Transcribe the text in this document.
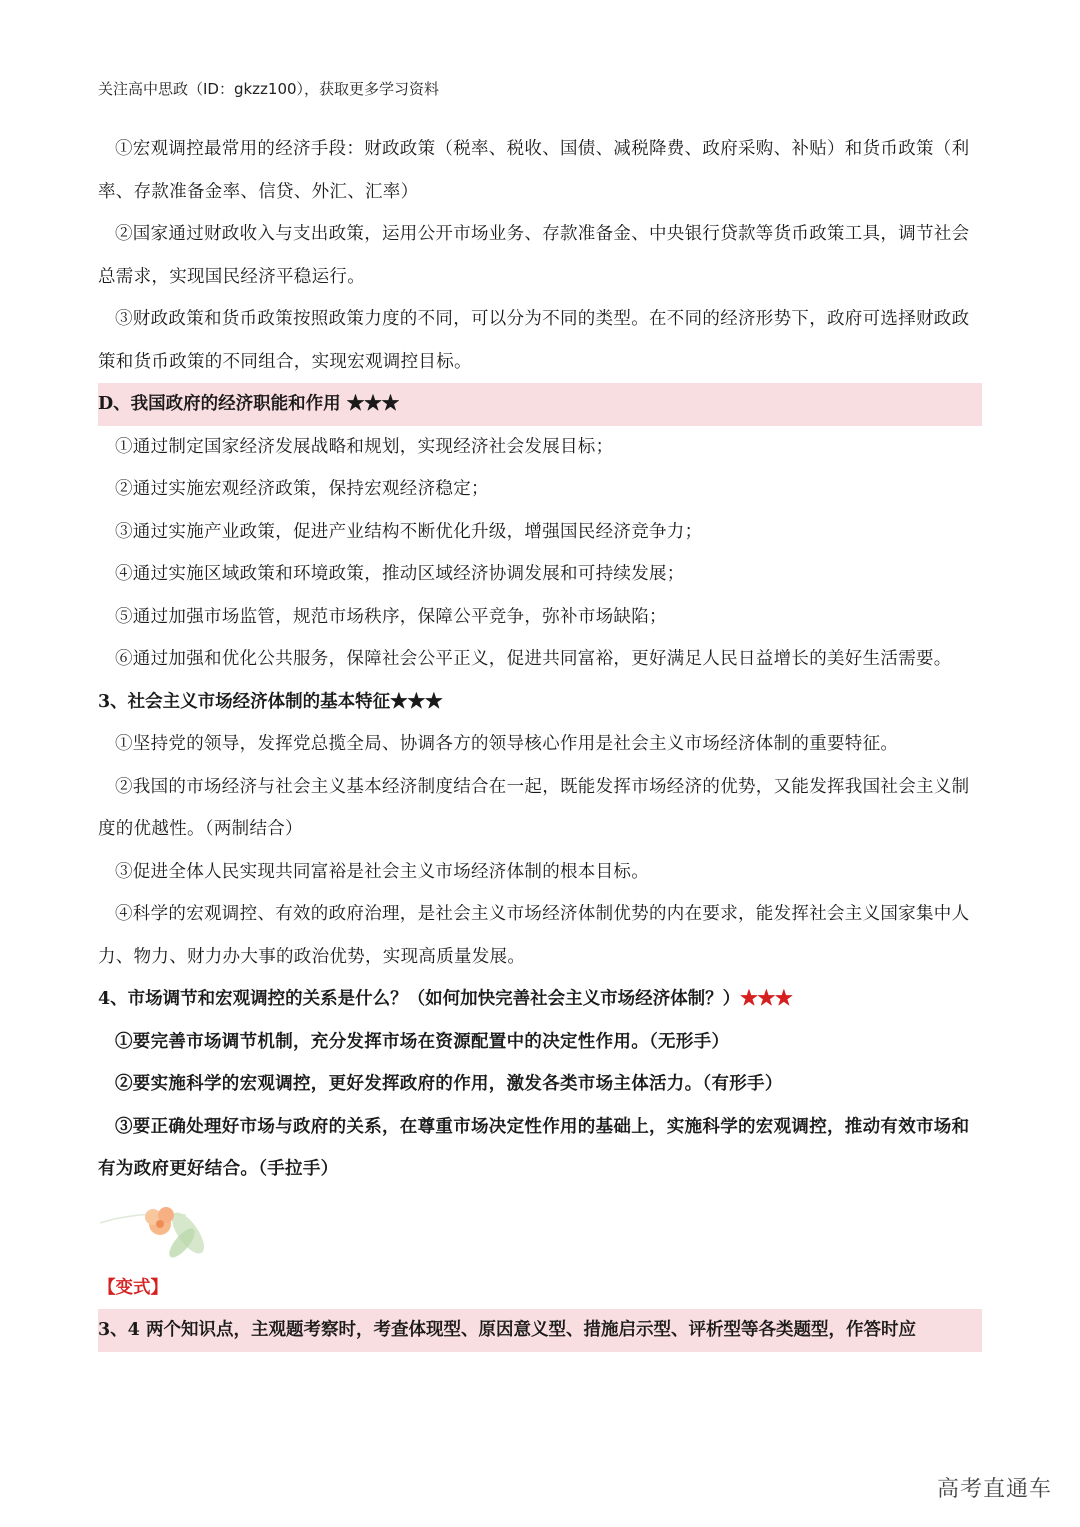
关注高中思政（ID：gkzz100），获取更多学习资料

①宏观调控最常用的经济手段：财政政策（税率、税收、国债、减税降费、政府采购、补贴）和货币政策（利率、存款准备金率、信贷、外汇、汇率）

②国家通过财政收入与支出政策，运用公开市场业务、存款准备金、中央银行贷款等货币政策工具，调节社会总需求，实现国民经济平稳运行。

③财政政策和货币政策按照政策力度的不同，可以分为不同的类型。在不同的经济形势下，政府可选择财政政策和货币政策的不同组合，实现宏观调控目标。

D、我国政府的经济职能和作用 ★★★

①通过制定国家经济发展战略和规划，实现经济社会发展目标；

②通过实施宏观经济政策，保持宏观经济稳定；

③通过实施产业政策，促进产业结构不断优化升级，增强国民经济竞争力；

④通过实施区域政策和环境政策，推动区域经济协调发展和可持续发展；

⑤通过加强市场监管，规范市场秩序，保障公平竞争，弥补市场缺陷；

⑥通过加强和优化公共服务，保障社会公平正义，促进共同富裕，更好满足人民日益增长的美好生活需要。

3、社会主义市场经济体制的基本特征★★★

①坚持党的领导，发挥党总揽全局、协调各方的领导核心作用是社会主义市场经济体制的重要特征。

②我国的市场经济与社会主义基本经济制度结合在一起，既能发挥市场经济的优势，又能发挥我国社会主义制度的优越性。（两制结合）

③促进全体人民实现共同富裕是社会主义市场经济体制的根本目标。

④科学的宏观调控、有效的政府治理，是社会主义市场经济体制优势的内在要求，能发挥社会主义国家集中人力、物力、财力办大事的政治优势，实现高质量发展。

4、市场调节和宏观调控的关系是什么？（如何加快完善社会主义市场经济体制？）★★★

①要完善市场调节机制，充分发挥市场在资源配置中的决定性作用。（无形手）

②要实施科学的宏观调控，更好发挥政府的作用，激发各类市场主体活力。（有形手）

③要正确处理好市场与政府的关系，在尊重市场决定性作用的基础上，实施科学的宏观调控，推动有效市场和有为政府更好结合。（手拉手）

【变式】

3、4 两个知识点，主观题考察时，考查体现型、原因意义型、措施启示型、评析型等各类题型，作答时应

高考直通车
